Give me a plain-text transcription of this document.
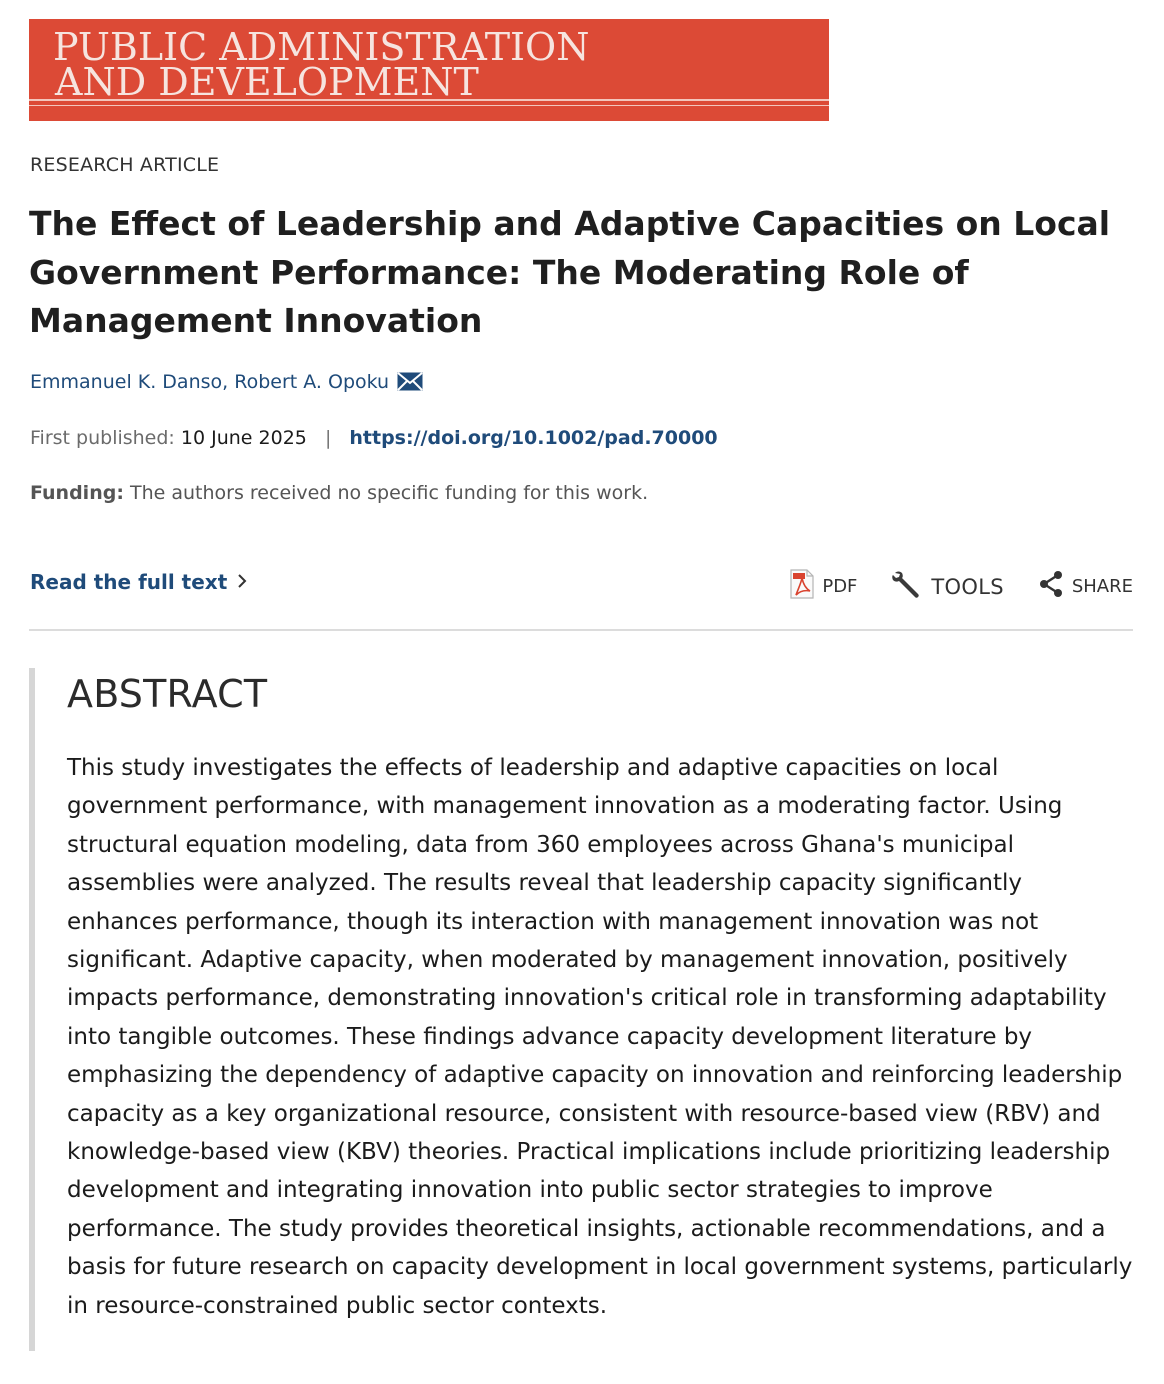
PUBLIC ADMINISTRATION
AND DEVELOPMENT
RESEARCH ARTICLE
The Effect of Leadership and Adaptive Capacities on Local Government Performance: The Moderating Role of Management Innovation
Emmanuel K. Danso, Robert A. Opoku
First published: 10 June 2025 | https://doi.org/10.1002/pad.70000
Funding: The authors received no specific funding for this work.
Read the full text	PDF	TOOLS	SHARE
ABSTRACT

This study investigates the effects of leadership and adaptive capacities on local government performance, with management innovation as a moderating factor. Using structural equation modeling, data from 360 employees across Ghana's municipal assemblies were analyzed. The results reveal that leadership capacity significantly enhances performance, though its interaction with management innovation was not significant. Adaptive capacity, when moderated by management innovation, positively impacts performance, demonstrating innovation's critical role in transforming adaptability into tangible outcomes. These findings advance capacity development literature by emphasizing the dependency of adaptive capacity on innovation and reinforcing leadership capacity as a key organizational resource, consistent with resource-based view (RBV) and knowledge-based view (KBV) theories. Practical implications include prioritizing leadership development and integrating innovation into public sector strategies to improve performance. The study provides theoretical insights, actionable recommendations, and a basis for future research on capacity development in local government systems, particularly in resource-constrained public sector contexts.
